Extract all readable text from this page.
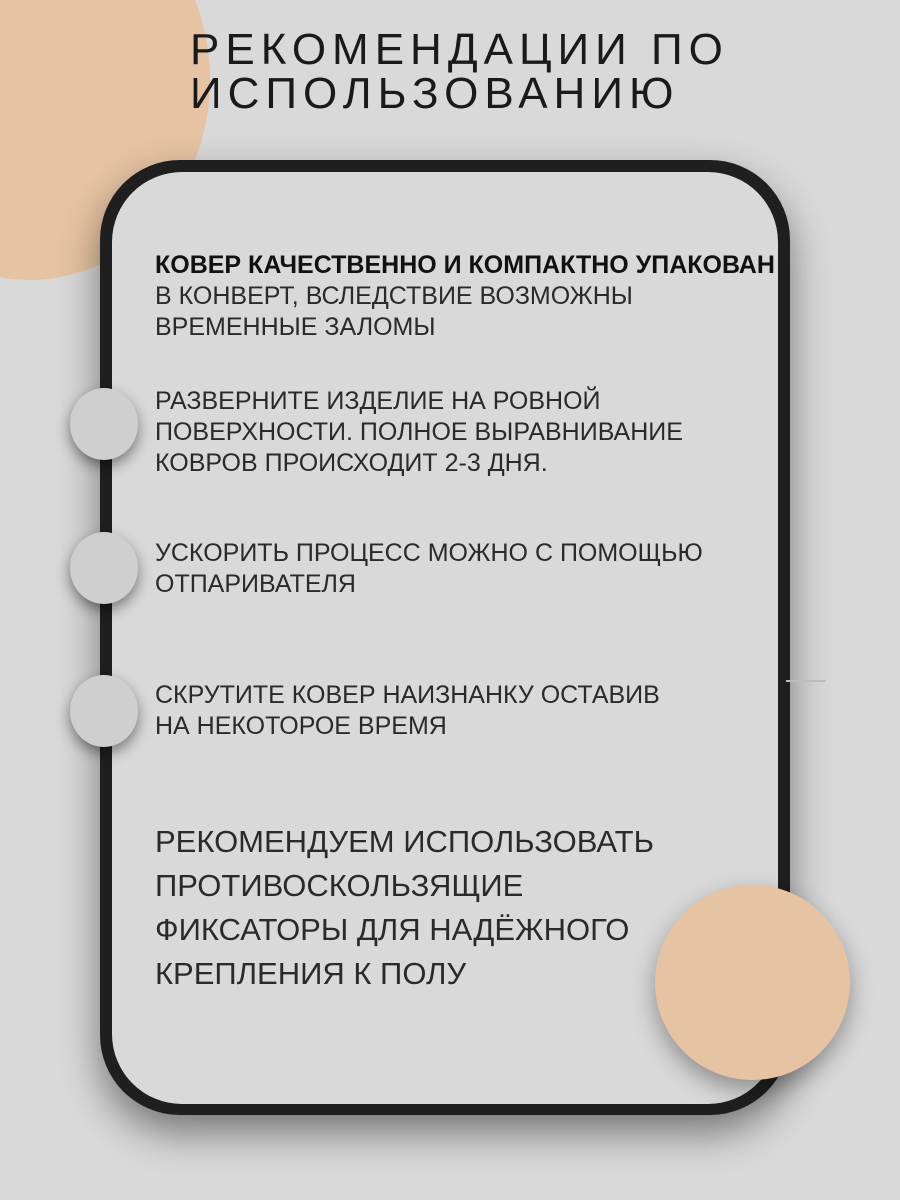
РЕКОМЕНДАЦИИ ПО
ИСПОЛЬЗОВАНИЮ
КОВЕР КАЧЕСТВЕННО И КОМПАКТНО УПАКОВАН
В КОНВЕРТ, ВСЛЕДСТВИЕ ВОЗМОЖНЫ
ВРЕМЕННЫЕ ЗАЛОМЫ
РАЗВЕРНИТЕ ИЗДЕЛИЕ НА РОВНОЙ
ПОВЕРХНОСТИ. ПОЛНОЕ ВЫРАВНИВАНИЕ
КОВРОВ ПРОИСХОДИТ 2-3 ДНЯ.
УСКОРИТЬ ПРОЦЕСС МОЖНО С ПОМОЩЬЮ
ОТПАРИВАТЕЛЯ
СКРУТИТЕ КОВЕР НАИЗНАНКУ ОСТАВИВ
НА НЕКОТОРОЕ ВРЕМЯ
РЕКОМЕНДУЕМ ИСПОЛЬЗОВАТЬ
ПРОТИВОСКОЛЬЗЯЩИЕ
ФИКСАТОРЫ ДЛЯ НАДЁЖНОГО
КРЕПЛЕНИЯ К ПОЛУ
